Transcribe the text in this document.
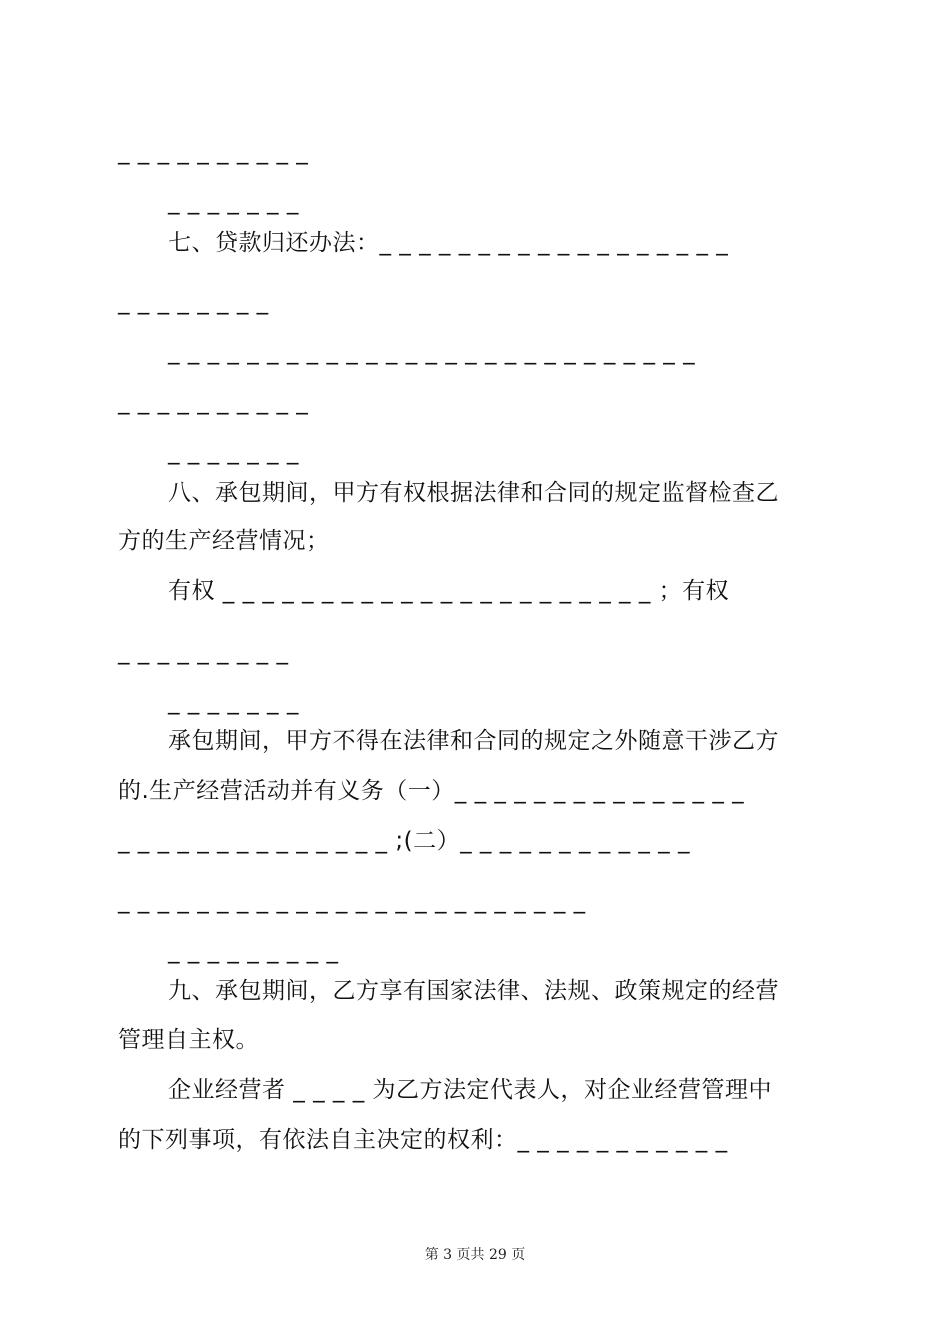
_ _ _ _ _ _ _ _ _ _
_ _ _ _ _ _ _
七、贷款归还办法：_ _ _ _ _ _ _ _ _ _ _ _ _ _ _ _ _ _
_ _ _ _ _ _ _ _
_ _ _ _ _ _ _ _ _ _ _ _ _ _ _ _ _ _ _ _ _ _ _ _ _ _ _
_ _ _ _ _ _ _ _ _ _
_ _ _ _ _ _ _
八、承包期间，甲方有权根据法律和合同的规定监督检查乙
方的生产经营情况；
有权 _ _ _ _ _ _ _ _ _ _ _ _ _ _ _ _ _ _ _ _ _ _ ；有权
_ _ _ _ _ _ _ _ _
_ _ _ _ _ _ _
承包期间，甲方不得在法律和合同的规定之外随意干涉乙方
的.生产经营活动并有义务（一）_ _ _ _ _ _ _ _ _ _ _ _ _ _ _
_ _ _ _ _ _ _ _ _ _ _ _ _ _ ;(二）_ _ _ _ _ _ _ _ _ _ _ _
_ _ _ _ _ _ _ _ _ _ _ _ _ _ _ _ _ _ _ _ _ _ _ _
_ _ _ _ _ _ _ _ _
九、承包期间，乙方享有国家法律、法规、政策规定的经营
管理自主权。
企业经营者 _ _ _ _ 为乙方法定代表人，对企业经营管理中
的下列事项，有依法自主决定的权利：_ _ _ _ _ _ _ _ _ _ _
第 3 页共 29 页
